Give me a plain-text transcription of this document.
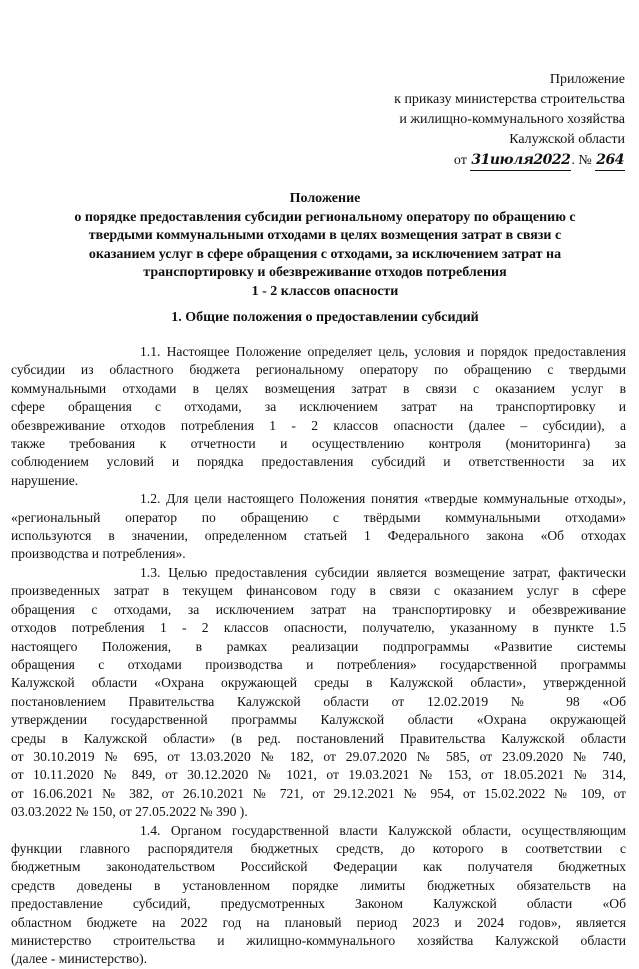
Приложение
к приказу министерства строительства
и жилищно-коммунального хозяйства
Калужской области
от 31июля2022. № 264
Положение
о порядке предоставления субсидии региональному оператору по обращению с
твердыми коммунальными отходами в целях возмещения затрат в связи с
оказанием услуг в сфере обращения с отходами, за исключением затрат на
транспортировку и обезвреживание отходов потребления
1 - 2 классов опасности
1. Общие положения о предоставлении субсидий
1.1. Настоящее Положение определяет цель, условия и порядок предоставления
субсидии из областного бюджета региональному оператору по обращению с твердыми
коммунальными отходами в целях возмещения затрат в связи с оказанием услуг в
сфере обращения с отходами, за исключением затрат на транспортировку и
обезвреживание отходов потребления 1 - 2 классов опасности (далее – субсидии), а
также требования к отчетности и осуществлению контроля (мониторинга) за
соблюдением условий и порядка предоставления субсидий и ответственности за их
нарушение.
1.2. Для цели настоящего Положения понятия «твердые коммунальные отходы»,
«региональный оператор по обращению с твёрдыми коммунальными отходами»
используются в значении, определенном статьей 1 Федерального закона «Об отходах
производства и потребления».
1.3. Целью предоставления субсидии является возмещение затрат, фактически
произведенных затрат в текущем финансовом году в связи с оказанием услуг в сфере
обращения с отходами, за исключением затрат на транспортировку и обезвреживание
отходов потребления 1 - 2 классов опасности, получателю, указанному в пункте 1.5
настоящего Положения, в рамках реализации подпрограммы «Развитие системы
обращения с отходами производства и потребления» государственной программы
Калужской области «Охрана окружающей среды в Калужской области», утвержденной
постановлением Правительства Калужской области от 12.02.2019 № 98 «Об
утверждении государственной программы Калужской области «Охрана окружающей
среды в Калужской области» (в ред. постановлений Правительства Калужской области
от 30.10.2019 № 695, от 13.03.2020 № 182, от 29.07.2020 № 585, от 23.09.2020 № 740,
от 10.11.2020 № 849, от 30.12.2020 № 1021, от 19.03.2021 № 153, от 18.05.2021 № 314,
от 16.06.2021 № 382, от 26.10.2021 № 721, от 29.12.2021 № 954, от 15.02.2022 № 109, от
03.03.2022 № 150, от 27.05.2022 № 390 ).
1.4. Органом государственной власти Калужской области, осуществляющим
функции главного распорядителя бюджетных средств, до которого в соответствии с
бюджетным законодательством Российской Федерации как получателя бюджетных
средств доведены в установленном порядке лимиты бюджетных обязательств на
предоставление субсидий, предусмотренных Законом Калужской области «Об
областном бюджете на 2022 год на плановый период 2023 и 2024 годов», является
министерство строительства и жилищно-коммунального хозяйства Калужской области
(далее - министерство).
